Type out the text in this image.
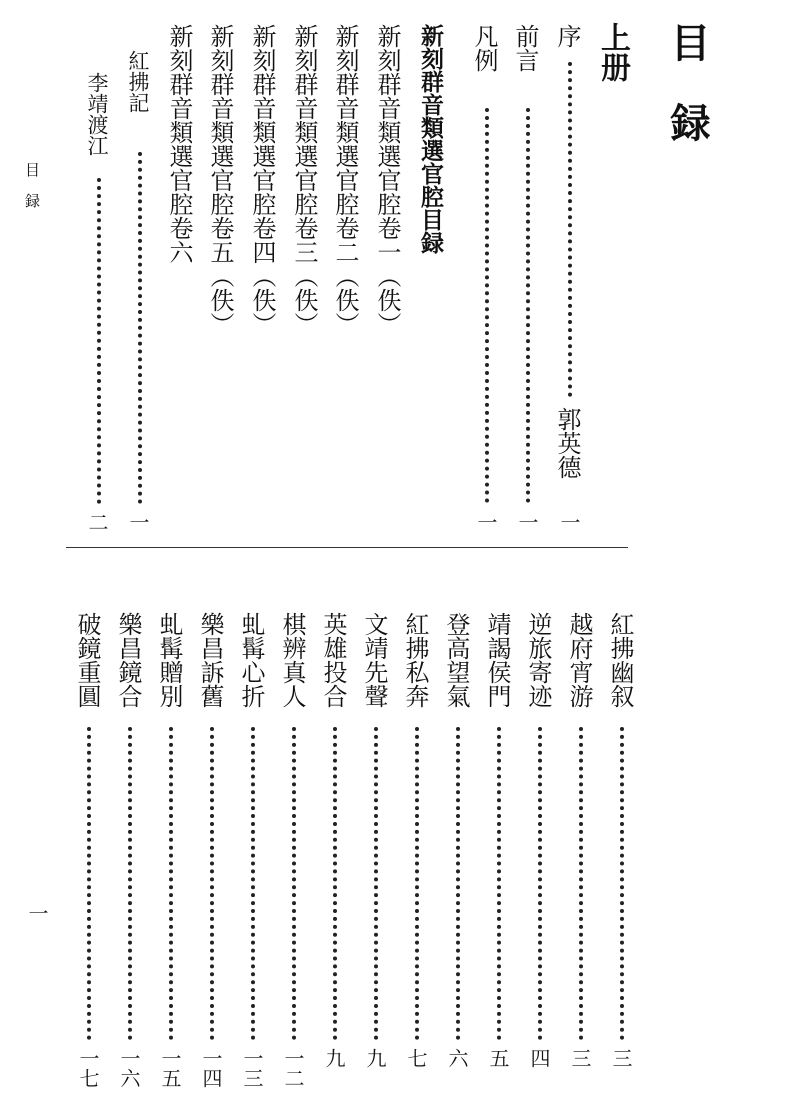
目　録
上册
序
郭英德
一
前言
一
凡例
一
新刻群音類選官腔目録
新刻群音類選官腔卷一（佚）
新刻群音類選官腔卷二（佚）
新刻群音類選官腔卷三（佚）
新刻群音類選官腔卷四（佚）
新刻群音類選官腔卷五（佚）
新刻群音類選官腔卷六
紅拂記
一
李靖渡江
二
目録
紅拂幽叙
三
越府宵游
三
逆旅寄迹
四
靖謁侯門
五
登高望氣
六
紅拂私奔
七
文靖先聲
九
英雄投合
九
棋辨真人
一二
虬髯心折
一三
樂昌訴舊
一四
虬髯贈別
一五
樂昌鏡合
一六
破鏡重圓
一七
一
